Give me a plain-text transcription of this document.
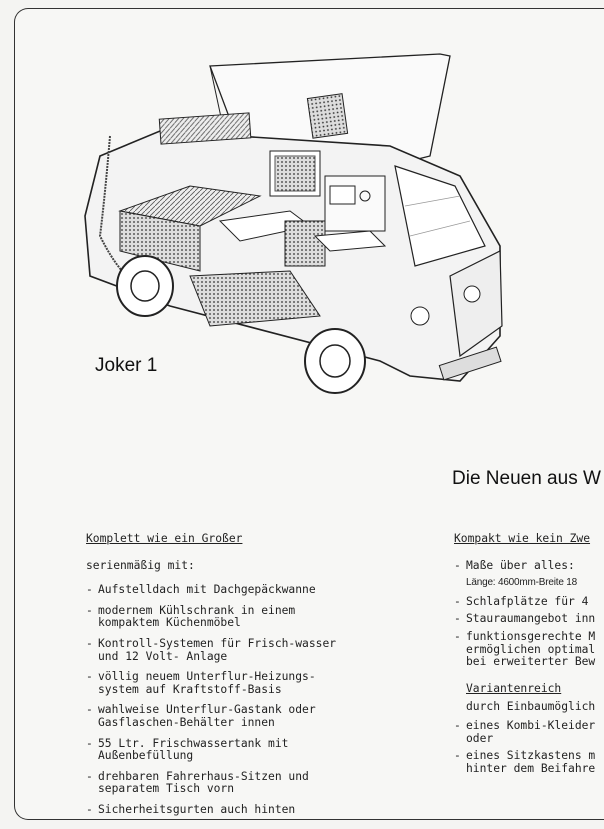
Joker 1
Die Neuen aus W
Komplett wie ein Großer
serienmäßig mit:
- Aufstelldach mit Dachgepäckwanne
- modernem Kühlschrank in einem kompaktem Küchenmöbel
- Kontroll-Systemen für Frisch-wasser und 12 Volt- Anlage
- völlig neuem Unterflur-Heizungs-system auf Kraftstoff-Basis
- wahlweise Unterflur-Gastank oder Gasflaschen-Behälter innen
- 55 Ltr. Frischwassertank mit Außenbefüllung
- drehbaren Fahrerhaus-Sitzen und separatem Tisch vorn
- Sicherheitsgurten auch hinten
Kompakt wie kein Zwe
- Maße über alles:
Länge: 4600mm-Breite 18
- Schlafplätze für 4
- Stauraumangebot inn
- funktionsgerechte M ermöglichen optimal bei erweiterter Bew
Variantenreich
durch Einbaumöglich
- eines Kombi-Kleider oder
- eines Sitzkastens m hinter dem Beifahre
